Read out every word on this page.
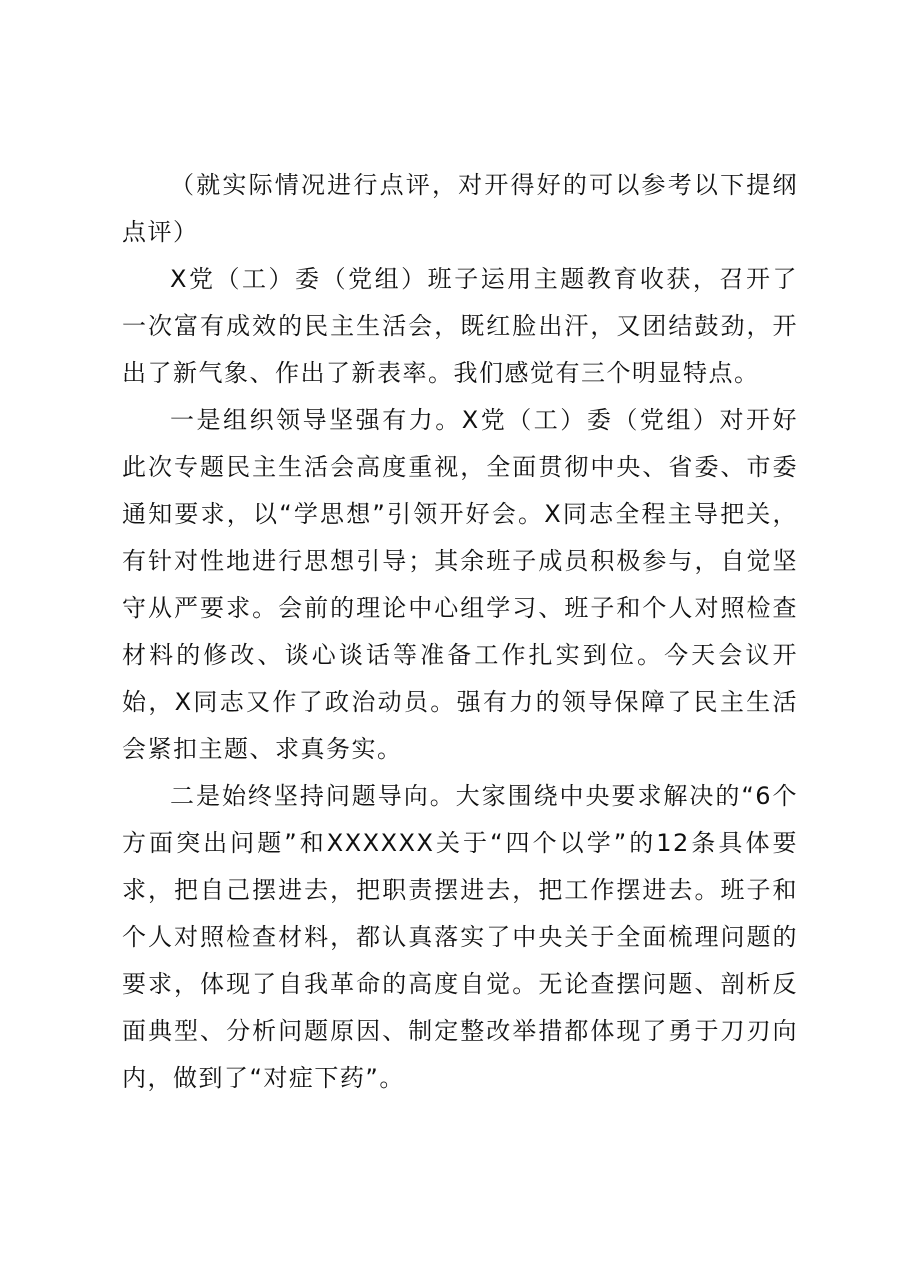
（就实际情况进行点评，对开得好的可以参考以下提纲点评）

X党（工）委（党组）班子运用主题教育收获，召开了一次富有成效的民主生活会，既红脸出汗，又团结鼓劲，开出了新气象、作出了新表率。我们感觉有三个明显特点。

一是组织领导坚强有力。X党（工）委（党组）对开好此次专题民主生活会高度重视，全面贯彻中央、省委、市委通知要求，以“学思想”引领开好会。X同志全程主导把关，有针对性地进行思想引导；其余班子成员积极参与，自觉坚守从严要求。会前的理论中心组学习、班子和个人对照检查材料的修改、谈心谈话等准备工作扎实到位。今天会议开始，X同志又作了政治动员。强有力的领导保障了民主生活会紧扣主题、求真务实。

二是始终坚持问题导向。大家围绕中央要求解决的“6个方面突出问题”和XXXXXX关于“四个以学”的12条具体要求，把自己摆进去，把职责摆进去，把工作摆进去。班子和个人对照检查材料，都认真落实了中央关于全面梳理问题的要求，体现了自我革命的高度自觉。无论查摆问题、剖析反面典型、分析问题原因、制定整改举措都体现了勇于刀刃向内，做到了“对症下药”。
